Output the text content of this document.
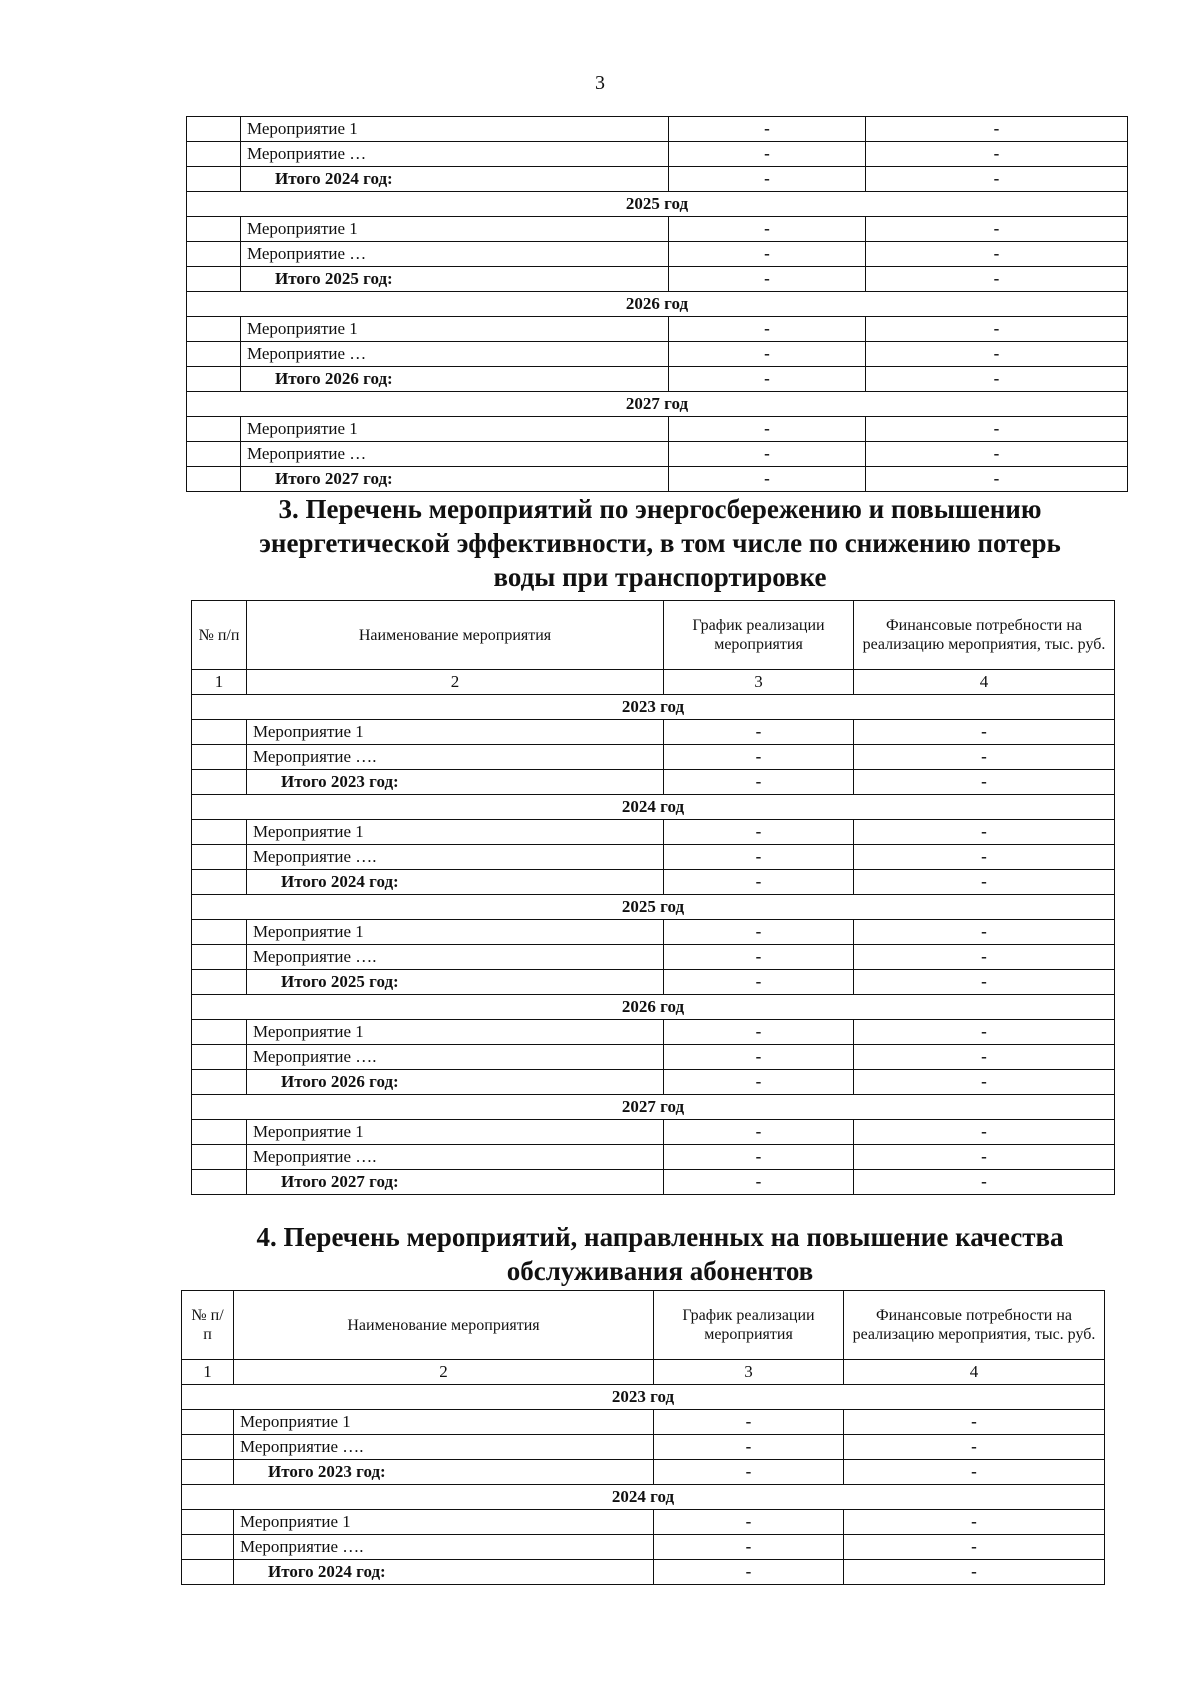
3
	Мероприятие 1	-	-
	Мероприятие …	-	-
	Итого 2024 год:	-	-
2025 год			
	Мероприятие 1	-	-
	Мероприятие …	-	-
	Итого 2025 год:	-	-
2026 год			
	Мероприятие 1	-	-
	Мероприятие …	-	-
	Итого 2026 год:	-	-
2027 год			
	Мероприятие 1	-	-
	Мероприятие …	-	-
	Итого 2027 год:	-	-
3. Перечень мероприятий по энергосбережению и повышению
энергетической эффективности, в том числе по снижению потерь
воды при транспортировке
№ п/п	Наименование мероприятия	График реализации мероприятия	Финансовые потребности на реализацию мероприятия, тыс. руб.
1	2	3	4
2023 год			
	Мероприятие 1	-	-
	Мероприятие ….	-	-
	Итого 2023 год:	-	-
2024 год			
	Мероприятие 1	-	-
	Мероприятие ….	-	-
	Итого 2024 год:	-	-
2025 год			
	Мероприятие 1	-	-
	Мероприятие ….	-	-
	Итого 2025 год:	-	-
2026 год			
	Мероприятие 1	-	-
	Мероприятие ….	-	-
	Итого 2026 год:	-	-
2027 год			
	Мероприятие 1	-	-
	Мероприятие ….	-	-
	Итого 2027 год:	-	-
4. Перечень мероприятий, направленных на повышение качества
обслуживания абонентов
№ п/п	Наименование мероприятия	График реализации мероприятия	Финансовые потребности на реализацию мероприятия, тыс. руб.
1	2	3	4
2023 год			
	Мероприятие 1	-	-
	Мероприятие ….	-	-
	Итого 2023 год:	-	-
2024 год			
	Мероприятие 1	-	-
	Мероприятие ….	-	-
	Итого 2024 год:	-	-
